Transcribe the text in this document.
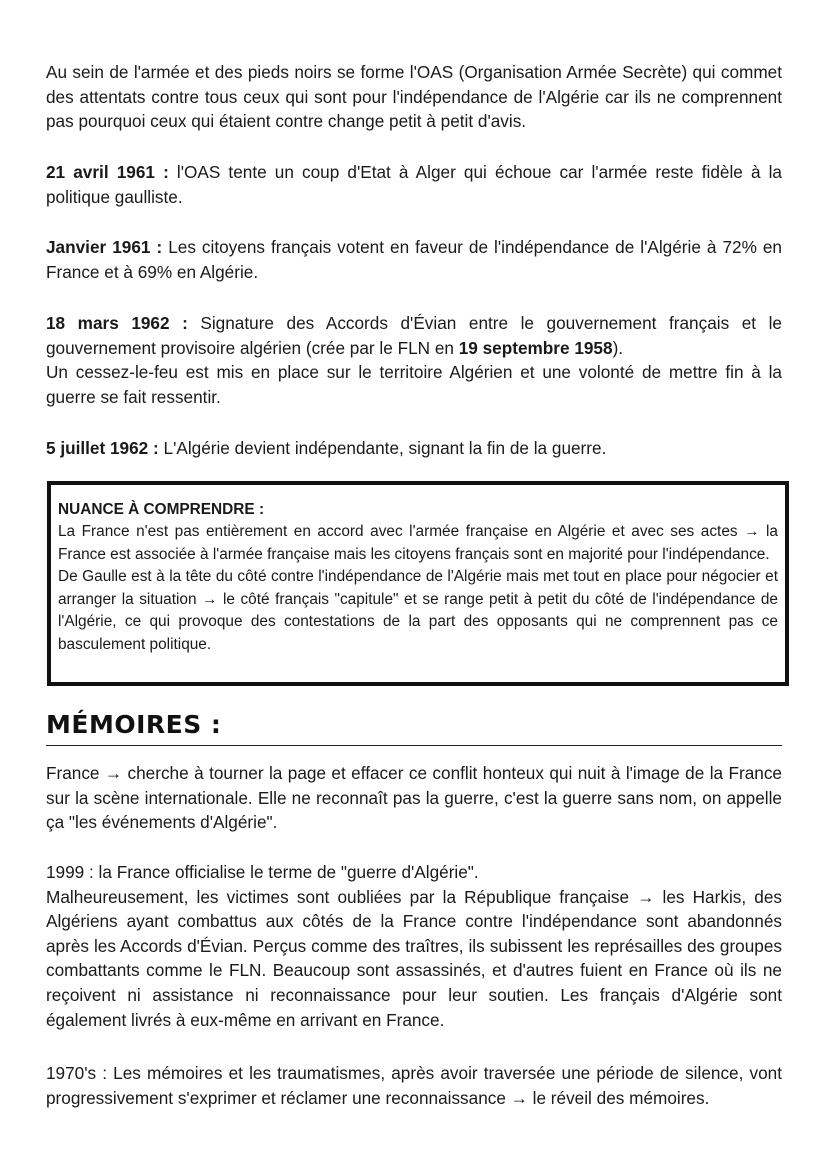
Au sein de l'armée et des pieds noirs se forme l'OAS (Organisation Armée Secrète) qui commet des attentats contre tous ceux qui sont pour l'indépendance de l'Algérie car ils ne comprennent pas pourquoi ceux qui étaient contre change petit à petit d'avis.

21 avril 1961 : l'OAS tente un coup d'Etat à Alger qui échoue car l'armée reste fidèle à la politique gaulliste.

Janvier 1961 : Les citoyens français votent en faveur de l'indépendance de l'Algérie à 72% en France et à 69% en Algérie.

18 mars 1962 : Signature des Accords d'Évian entre le gouvernement français et le gouvernement provisoire algérien (crée par le FLN en 19 septembre 1958).
Un cessez-le-feu est mis en place sur le territoire Algérien et une volonté de mettre fin à la guerre se fait ressentir.

5 juillet 1962 : L'Algérie devient indépendante, signant la fin de la guerre.

NUANCE À COMPRENDRE :

La France n'est pas entièrement en accord avec l'armée française en Algérie et avec ses actes → la France est associée à l'armée française mais les citoyens français sont en majorité pour l'indépendance.

De Gaulle est à la tête du côté contre l'indépendance de l'Algérie mais met tout en place pour négocier et arranger la situation → le côté français "capitule" et se range petit à petit du côté de l'indépendance de l'Algérie, ce qui provoque des contestations de la part des opposants qui ne comprennent pas ce basculement politique.

MÉMOIRES :

France → cherche à tourner la page et effacer ce conflit honteux qui nuit à l'image de la France sur la scène internationale. Elle ne reconnaît pas la guerre, c'est la guerre sans nom, on appelle ça "les événements d'Algérie".

1999 : la France officialise le terme de "guerre d'Algérie".
Malheureusement, les victimes sont oubliées par la République française → les Harkis, des Algériens ayant combattus aux côtés de la France contre l'indépendance sont abandonnés après les Accords d'Évian. Perçus comme des traîtres, ils subissent les représailles des groupes combattants comme le FLN. Beaucoup sont assassinés, et d'autres fuient en France où ils ne reçoivent ni assistance ni reconnaissance pour leur soutien. Les français d'Algérie sont également livrés à eux-même en arrivant en France.

1970's : Les mémoires et les traumatismes, après avoir traversée une période de silence, vont progressivement s'exprimer et réclamer une reconnaissance → le réveil des mémoires.
